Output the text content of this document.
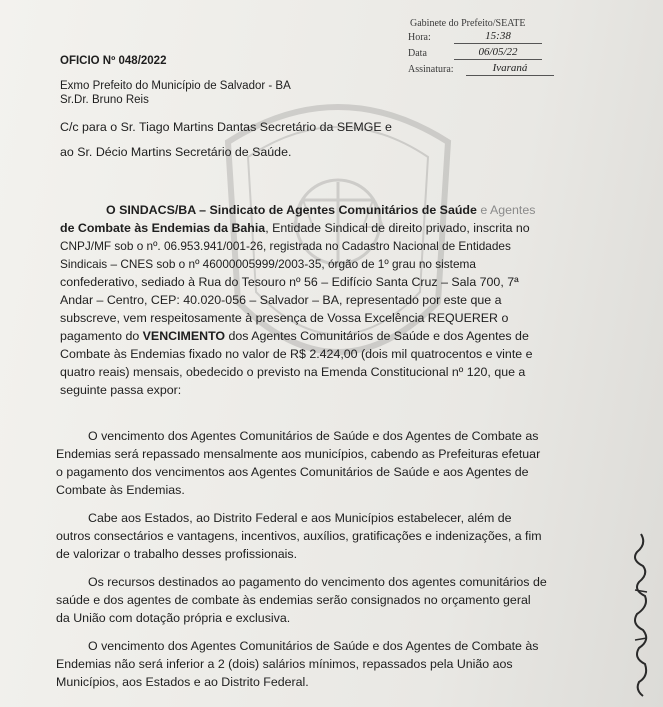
Gabinete do Prefeito/SEATE
Hora:	15:38
Data	06/05/22
Assinatura:	Ivaraná
OFICIO Nº 048/2022
Exmo Prefeito do Município de Salvador - BA
Sr.Dr. Bruno Reis
C/c para o Sr. Tiago Martins Dantas Secretário da SEMGE e
ao Sr. Décio Martins Secretário de Saúde.
O SINDACS/BA – Sindicato de Agentes Comunitários de Saúde e Agentes
de Combate às Endemias da Bahia, Entidade Sindical de direito privado, inscrita no
CNPJ/MF sob o nº. 06.953.941/001-26, registrada no Cadastro Nacional de Entidades
Sindicais – CNES sob o nº 46000005999/2003-35, órgão de 1º grau no sistema
confederativo, sediado à Rua do Tesouro nº 56 – Edifício Santa Cruz – Sala 700, 7ª
Andar – Centro, CEP: 40.020-056 – Salvador – BA, representado por este que a
subscreve, vem respeitosamente à presença de Vossa Excelência REQUERER o
pagamento do VENCIMENTO dos Agentes Comunitários de Saúde e dos Agentes de
Combate às Endemias fixado no valor de R$ 2.424,00 (dois mil quatrocentos e vinte e
quatro reais) mensais, obedecido o previsto na Emenda Constitucional nº 120, que a
seguinte passa expor:
O vencimento dos Agentes Comunitários de Saúde e dos Agentes de Combate as
Endemias será repassado mensalmente aos municípios, cabendo as Prefeituras efetuar
o pagamento dos vencimentos aos Agentes Comunitários de Saúde e aos Agentes de
Combate às Endemias.
Cabe aos Estados, ao Distrito Federal e aos Municípios estabelecer, além de
outros consectários e vantagens, incentivos, auxílios, gratificações e indenizações, a fim
de valorizar o trabalho desses profissionais.
Os recursos destinados ao pagamento do vencimento dos agentes comunitários de
saúde e dos agentes de combate às endemias serão consignados no orçamento geral
da União com dotação própria e exclusiva.
O vencimento dos Agentes Comunitários de Saúde e dos Agentes de Combate às
Endemias não será inferior a 2 (dois) salários mínimos, repassados pela União aos
Municípios, aos Estados e ao Distrito Federal.
